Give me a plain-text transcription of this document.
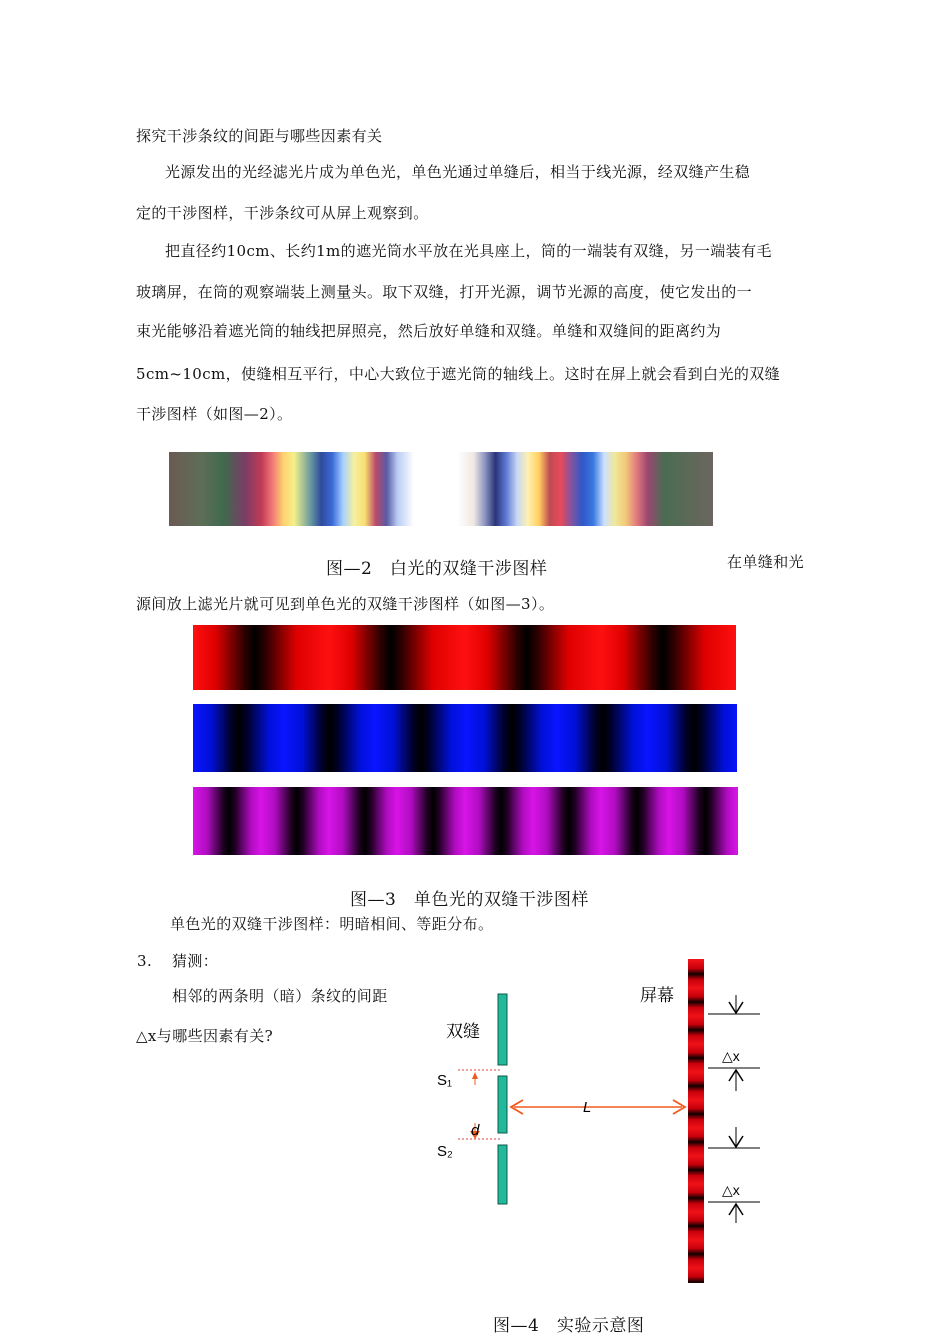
探究干涉条纹的间距与哪些因素有关
光源发出的光经滤光片成为单色光，单色光通过单缝后，相当于线光源，经双缝产生稳
定的干涉图样，干涉条纹可从屏上观察到。
把直径约10cm、长约1m的遮光筒水平放在光具座上，筒的一端装有双缝，另一端装有毛
玻璃屏，在筒的观察端装上测量头。取下双缝，打开光源，调节光源的高度，使它发出的一
束光能够沿着遮光筒的轴线把屏照亮，然后放好单缝和双缝。单缝和双缝间的距离约为
5cm~10cm，使缝相互平行，中心大致位于遮光筒的轴线上。这时在屏上就会看到白光的双缝
干涉图样（如图—2）。
图—2　白光的双缝干涉图样	在单缝和光
源间放上滤光片就可见到单色光的双缝干涉图样（如图—3）。
图—3　单色光的双缝干涉图样
单色光的双缝干涉图样：明暗相间、等距分布。
3. 猜测：
相邻的两条明（暗）条纹的间距
△x与哪些因素有关?	双缝
屏幕
S₁
S₂
d
L
△x
△x
图—4　实验示意图
